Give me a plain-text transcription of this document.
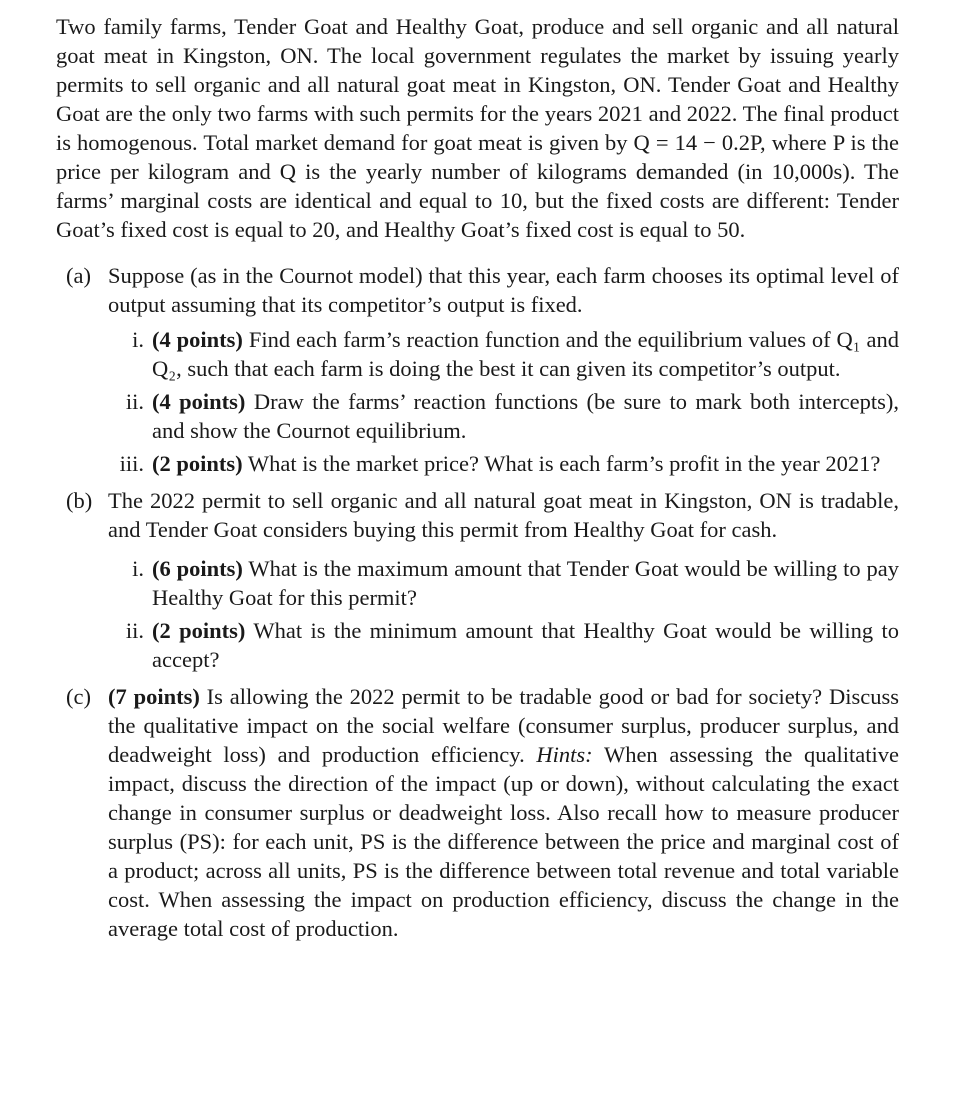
Two family farms, Tender Goat and Healthy Goat, produce and sell organic and all natural goat meat in Kingston, ON. The local government regulates the market by issuing yearly permits to sell organic and all natural goat meat in Kingston, ON. Tender Goat and Healthy Goat are the only two farms with such permits for the years 2021 and 2022. The final product is homogenous. Total market demand for goat meat is given by Q = 14 − 0.2P, where P is the price per kilogram and Q is the yearly number of kilograms demanded (in 10,000s). The farms’ marginal costs are identical and equal to 10, but the fixed costs are different: Tender Goat’s fixed cost is equal to 20, and Healthy Goat’s fixed cost is equal to 50.

(a) Suppose (as in the Cournot model) that this year, each farm chooses its optimal level of output assuming that its competitor’s output is fixed.
i. (4 points) Find each farm’s reaction function and the equilibrium values of Q₁ and Q₂, such that each farm is doing the best it can given its competitor’s output.
ii. (4 points) Draw the farms’ reaction functions (be sure to mark both intercepts), and show the Cournot equilibrium.
iii. (2 points) What is the market price? What is each farm’s profit in the year 2021?
(b) The 2022 permit to sell organic and all natural goat meat in Kingston, ON is tradable, and Tender Goat considers buying this permit from Healthy Goat for cash.
i. (6 points) What is the maximum amount that Tender Goat would be willing to pay Healthy Goat for this permit?
ii. (2 points) What is the minimum amount that Healthy Goat would be willing to accept?
(c) (7 points) Is allowing the 2022 permit to be tradable good or bad for society? Discuss the qualitative impact on the social welfare (consumer surplus, producer surplus, and deadweight loss) and production efficiency. Hints: When assessing the qualitative impact, discuss the direction of the impact (up or down), without calculating the exact change in consumer surplus or deadweight loss. Also recall how to measure producer surplus (PS): for each unit, PS is the difference between the price and marginal cost of a product; across all units, PS is the difference between total revenue and total variable cost. When assessing the impact on production efficiency, discuss the change in the average total cost of production.
